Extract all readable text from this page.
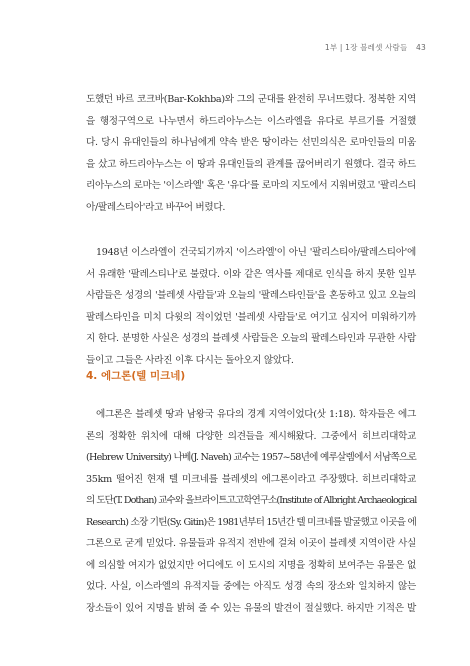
1부 | 1장 블레셋 사람들 43
도했던 바르 코크바(Bar-Kokhba)와 그의 군대를 완전히 무너뜨렸다. 정복한 지역
을 행정구역으로 나누면서 하드리아누스는 이스라엘을 유다로 부르기를 거절했
다. 당시 유대인들의 하나님에게 약속 받은 땅이라는 선민의식은 로마인들의 미움
을 샀고 하드리아누스는 이 땅과 유대인들의 관계를 끊어버리기 원했다. 결국 하드
리아누스의 로마는 '이스라엘' 혹은 '유다'를 로마의 지도에서 지워버렸고 '팔리스티
아/팔레스티아'라고 바꾸어 버렸다.
1948년 이스라엘이 건국되기까지 '이스라엘'이 아닌 '팔리스티아/팔레스티아'에
서 유래한 '팔레스티나'로 불렸다. 이와 같은 역사를 제대로 인식을 하지 못한 일부
사람들은 성경의 '블레셋 사람들'과 오늘의 '팔레스타인들'을 혼동하고 있고 오늘의
팔레스타인을 미치 다윗의 적이었던 '블레셋 사람들'로 여기고 심지어 미워하기까
지 한다. 분명한 사실은 성경의 블레셋 사람들은 오늘의 팔레스타인과 무관한 사람
들이고 그들은 사라진 이후 다시는 돌아오지 않았다.
4. 에그론(텔 미크네)
에그론은 블레셋 땅과 남왕국 유다의 경계 지역이었다(삿 1:18). 학자들은 에그
론의 정확한 위치에 대해 다양한 의견들을 제시해왔다. 그중에서 히브리대학교
(Hebrew University) 나베(J. Naveh) 교수는 1957~58년에 예루살렘에서 서남쪽으로
35km 떨어진 현재 텔 미크네를 블레셋의 에그론이라고 주장했다. 히브리대학교
의 도단(T. Dothan) 교수와 올브라이트고고학연구소(Institute of Albright Archaeological
Research) 소장 기틴(Sy. Gitin)은 1981년부터 15년간 텔 미크네를 발굴했고 이곳을 에
그론으로 굳게 믿었다. 유물들과 유적지 전반에 걸쳐 이곳이 블레셋 지역이란 사실
에 의심할 여지가 없었지만 어디에도 이 도시의 지명을 정확히 보여주는 유물은 없
었다. 사실, 이스라엘의 유적지들 중에는 아직도 성경 속의 장소와 일치하지 않는
장소들이 있어 지명을 밝혀 줄 수 있는 유물의 발견이 절실했다. 하지만 기적은 발
